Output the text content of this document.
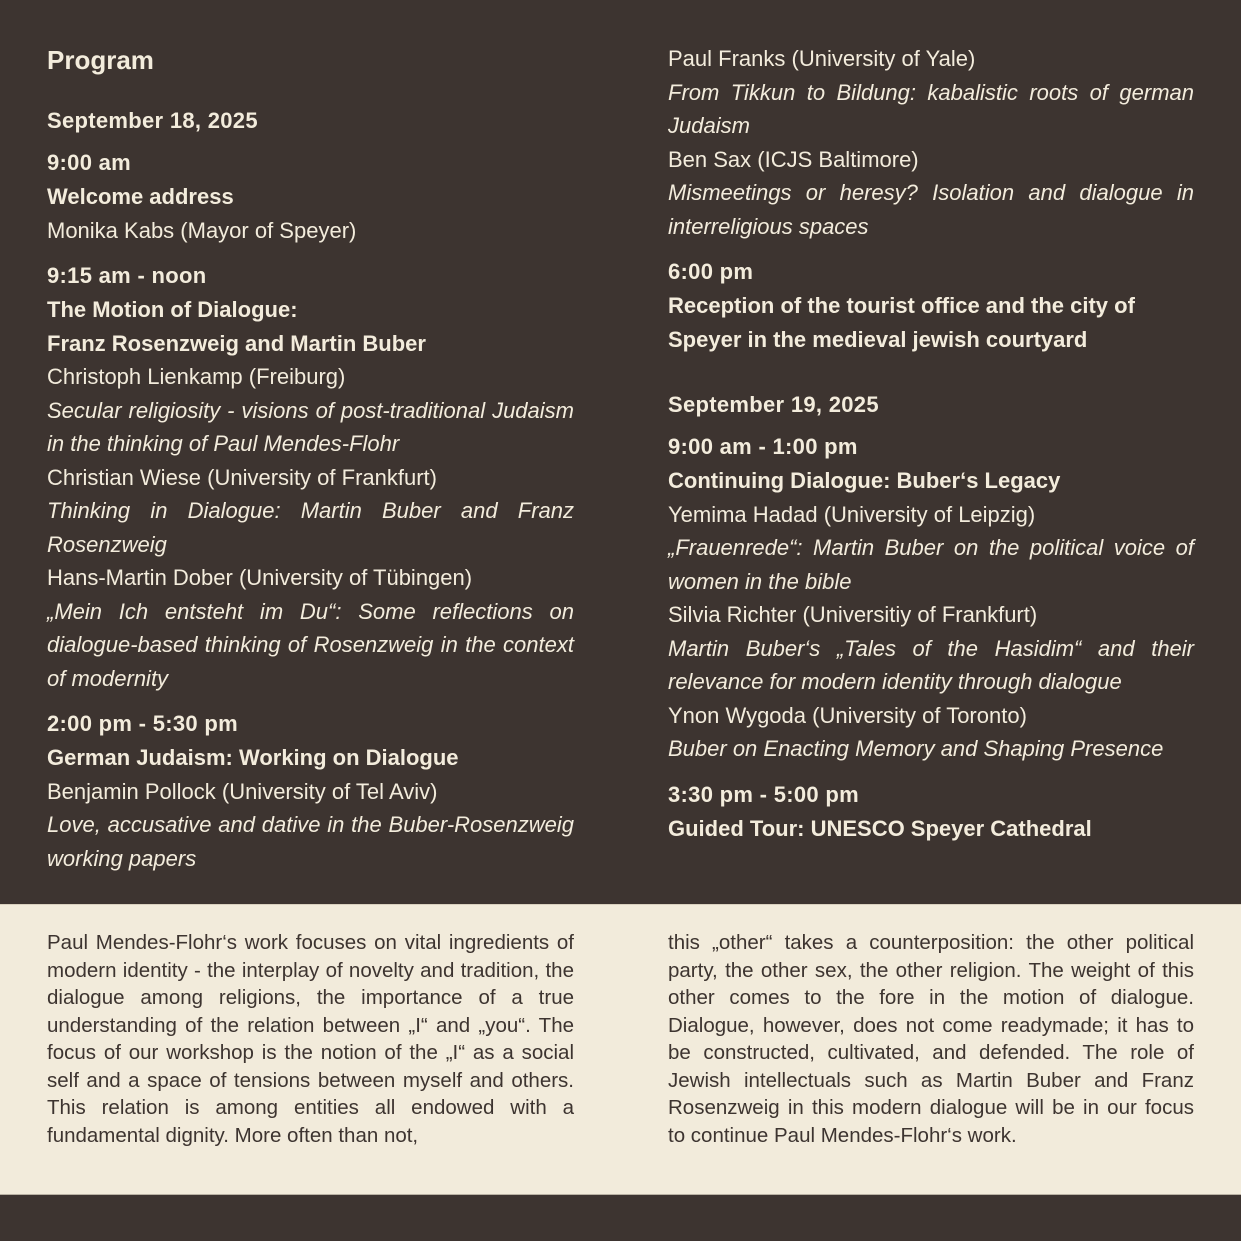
Program
September 18, 2025
9:00 am
Welcome address
Monika Kabs (Mayor of Speyer)
9:15 am - noon
The Motion of Dialogue:
Franz Rosenzweig and Martin Buber
Christoph Lienkamp (Freiburg)
Secular religiosity - visions of post-traditional Judaism in the thinking of Paul Mendes-Flohr
Christian Wiese (University of Frankfurt)
Thinking in Dialogue: Martin Buber and Franz Rosenzweig
Hans-Martin Dober (University of Tübingen)
„Mein Ich entsteht im Du“: Some reflections on dialogue-based thinking of Rosenzweig in the context of modernity
2:00 pm - 5:30 pm
German Judaism: Working on Dialogue
Benjamin Pollock (University of Tel Aviv)
Love, accusative and dative in the Buber-Rosenzweig working papers
Paul Franks (University of Yale)
From Tikkun to Bildung: kabalistic roots of german Judaism
Ben Sax (ICJS Baltimore)
Mismeetings or heresy? Isolation and dialogue in interreligious spaces
6:00 pm
Reception of the tourist office and the city of Speyer in the medieval jewish courtyard
September 19, 2025
9:00 am - 1:00 pm
Continuing Dialogue: Buber‘s Legacy
Yemima Hadad (University of Leipzig)
„Frauenrede“: Martin Buber on the political voice of women in the bible
Silvia Richter (Universitiy of Frankfurt)
Martin Buber‘s „Tales of the Hasidim“ and their relevance for modern identity through dialogue
Ynon Wygoda (University of Toronto)
Buber on Enacting Memory and Shaping Presence
3:30 pm - 5:00 pm
Guided Tour: UNESCO Speyer Cathedral
Paul Mendes-Flohr‘s work focuses on vital ingredients of modern identity - the interplay of novelty and tradition, the dialogue among religions, the importance of a true understanding of the relation between „I“ and „you“. The focus of our workshop is the notion of the „I“ as a social self and a space of tensions between myself and others. This relation is among entities all endowed with a fundamental dignity. More often than not,
this „other“ takes a counterposition: the other political party, the other sex, the other religion. The weight of this other comes to the fore in the motion of dialogue. Dialogue, however, does not come readymade; it has to be constructed, cultivated, and defended. The role of Jewish intellectuals such as Martin Buber and Franz Rosenzweig in this modern dialogue will be in our focus to continue Paul Mendes-Flohr‘s work.
